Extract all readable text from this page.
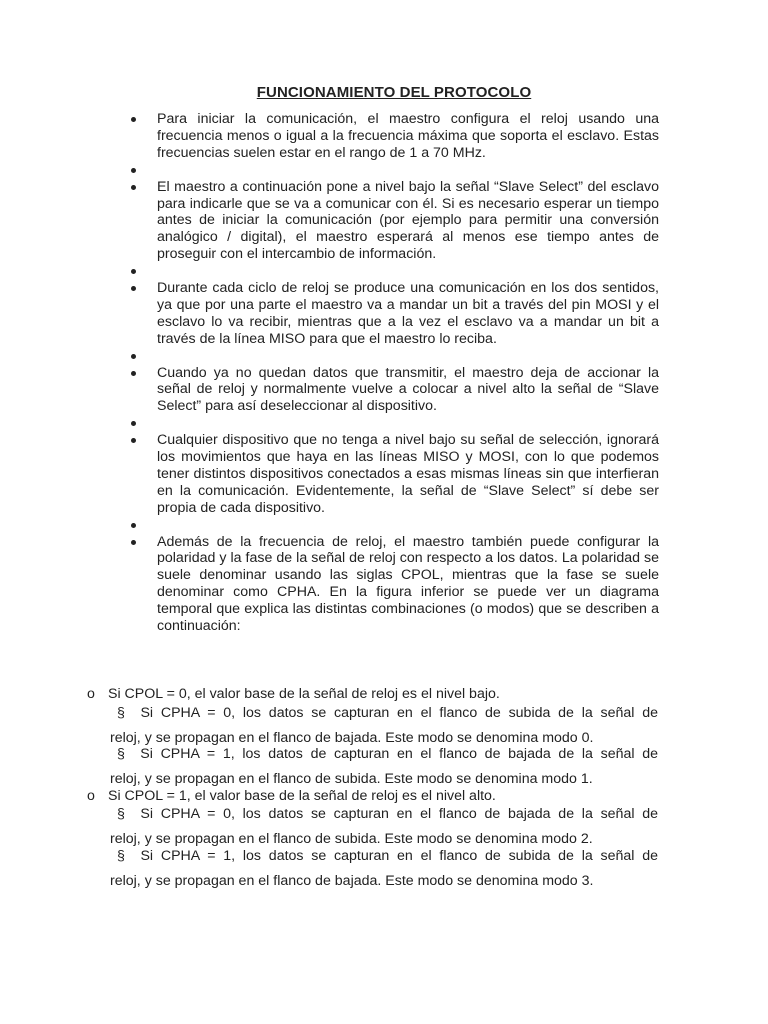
FUNCIONAMIENTO DEL PROTOCOLO
Para iniciar la comunicación, el maestro configura el reloj usando una frecuencia menos o igual a la frecuencia máxima que soporta el esclavo. Estas frecuencias suelen estar en el rango de 1 a 70 MHz.
El maestro a continuación pone a nivel bajo la señal “Slave Select” del esclavo para indicarle que se va a comunicar con él. Si es necesario esperar un tiempo antes de iniciar la comunicación (por ejemplo para permitir una conversión analógico / digital), el maestro esperará al menos ese tiempo antes de proseguir con el intercambio de información.
Durante cada ciclo de reloj se produce una comunicación en los dos sentidos, ya que por una parte el maestro va a mandar un bit a través del pin MOSI y el esclavo lo va recibir, mientras que a la vez el esclavo va a mandar un bit a través de la línea MISO para que el maestro lo reciba.
Cuando ya no quedan datos que transmitir, el maestro deja de accionar la señal de reloj y normalmente vuelve a colocar a nivel alto la señal de “Slave Select” para así deseleccionar al dispositivo.
Cualquier dispositivo que no tenga a nivel bajo su señal de selección, ignorará los movimientos que haya en las líneas MISO y MOSI, con lo que podemos tener distintos dispositivos conectados a esas mismas líneas sin que interfieran en la comunicación. Evidentemente, la señal de “Slave Select” sí debe ser propia de cada dispositivo.
Además de la frecuencia de reloj, el maestro también puede configurar la polaridad y la fase de la señal de reloj con respecto a los datos. La polaridad se suele denominar usando las siglas CPOL, mientras que la fase se suele denominar como CPHA. En la figura inferior se puede ver un diagrama temporal que explica las distintas combinaciones (o modos) que se describen a continuación:
o Si CPOL = 0, el valor base de la señal de reloj es el nivel bajo.
§ Si CPHA = 0, los datos se capturan en el flanco de subida de la señal de
reloj, y se propagan en el flanco de bajada. Este modo se denomina modo 0.
§ Si CPHA = 1, los datos de capturan en el flanco de bajada de la señal de
reloj, y se propagan en el flanco de subida. Este modo se denomina modo 1.
o Si CPOL = 1, el valor base de la señal de reloj es el nivel alto.
§ Si CPHA = 0, los datos se capturan en el flanco de bajada de la señal de
reloj, y se propagan en el flanco de subida. Este modo se denomina modo 2.
§ Si CPHA = 1, los datos se capturan en el flanco de subida de la señal de
reloj, y se propagan en el flanco de bajada. Este modo se denomina modo 3.
